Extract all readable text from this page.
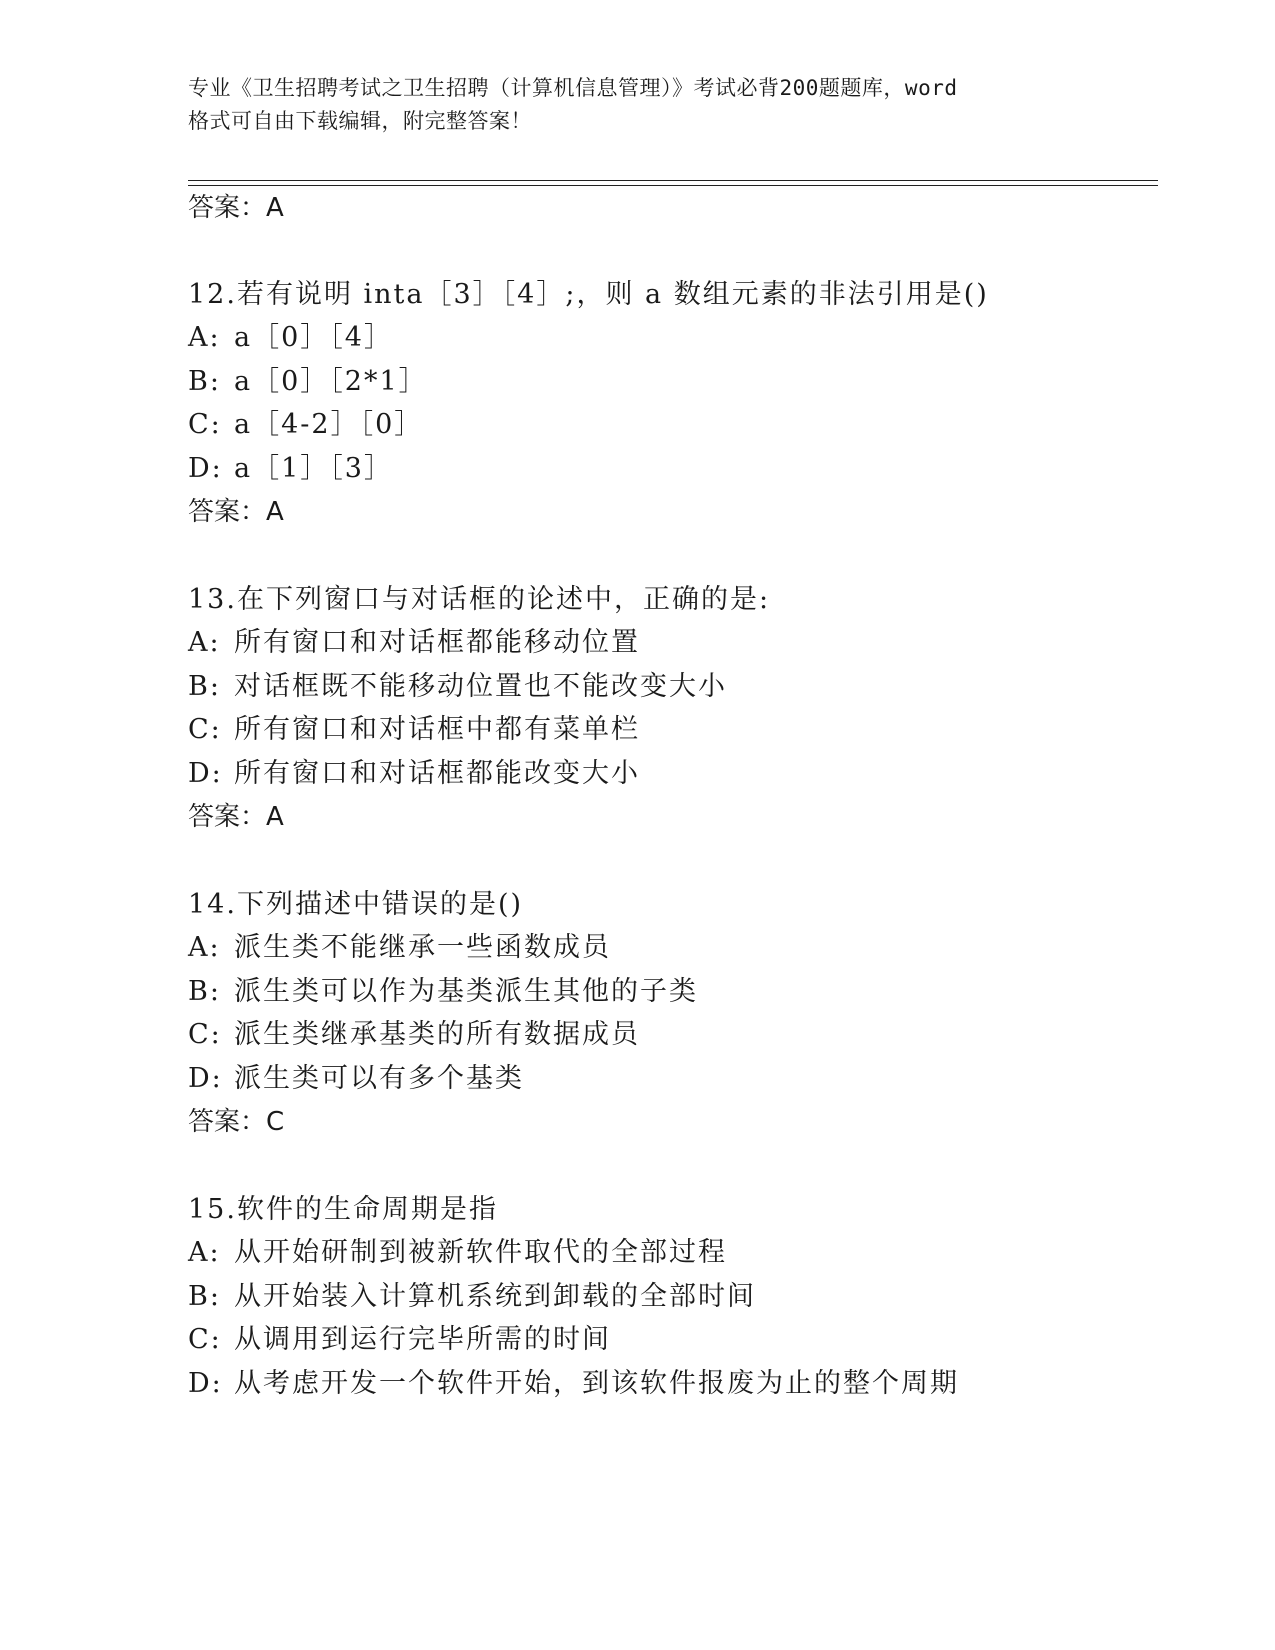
专业《卫生招聘考试之卫生招聘（计算机信息管理）》考试必背200题题库，word
格式可自由下载编辑，附完整答案！
答案：A
12.若有说明 inta［3］［4］;，则 a 数组元素的非法引用是()
A: a［0］［4］
B: a［0］［2*1］
C: a［4-2］［0］
D: a［1］［3］
答案：A
13.在下列窗口与对话框的论述中，正确的是:
A: 所有窗口和对话框都能移动位置
B: 对话框既不能移动位置也不能改变大小
C: 所有窗口和对话框中都有菜单栏
D: 所有窗口和对话框都能改变大小
答案：A
14.下列描述中错误的是()
A: 派生类不能继承一些函数成员
B: 派生类可以作为基类派生其他的子类
C: 派生类继承基类的所有数据成员
D: 派生类可以有多个基类
答案：C
15.软件的生命周期是指
A: 从开始研制到被新软件取代的全部过程
B: 从开始装入计算机系统到卸载的全部时间
C: 从调用到运行完毕所需的时间
D: 从考虑开发一个软件开始，到该软件报废为止的整个周期
